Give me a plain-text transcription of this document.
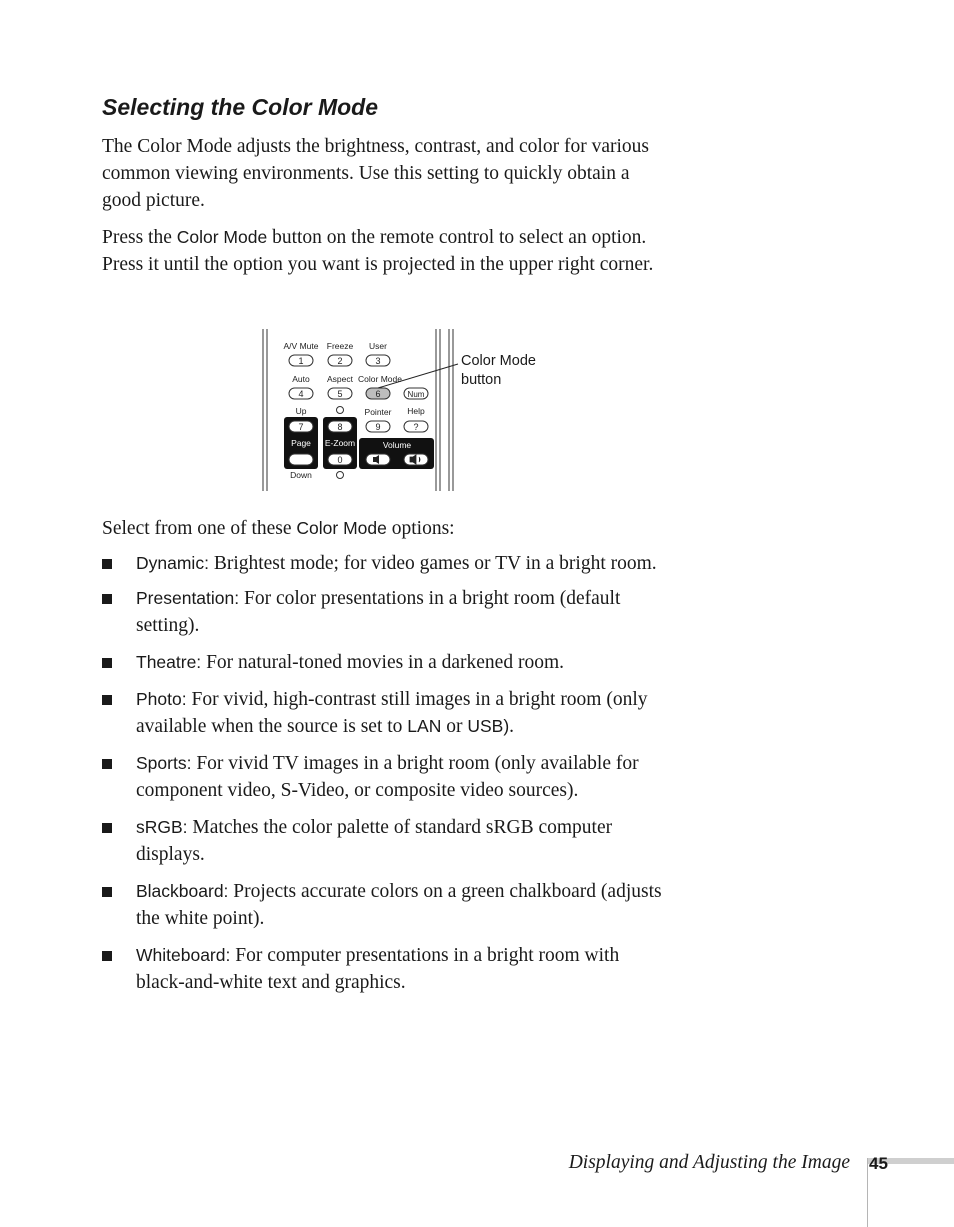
Selecting the Color Mode

The Color Mode adjusts the brightness, contrast, and color for various common viewing environments. Use this setting to quickly obtain a good picture.

Press the Color Mode button on the remote control to select an option. Press it until the option you want is projected in the upper right corner.

A/V Mute Freeze User
1	2	3
Auto Aspect Color Mode
4	5	6	Num
Up	Pointer Help
7	8	9	?
Page E-Zoom	Volume
0
Down
Color Mode
button

Select from one of these Color Mode options:

Dynamic: Brightest mode; for video games or TV in a bright room.
Presentation: For color presentations in a bright room (default setting).
Theatre: For natural-toned movies in a darkened room.
Photo: For vivid, high-contrast still images in a bright room (only available when the source is set to LAN or USB).
Sports: For vivid TV images in a bright room (only available for component video, S-Video, or composite video sources).
sRGB: Matches the color palette of standard sRGB computer displays.
Blackboard: Projects accurate colors on a green chalkboard (adjusts the white point).
Whiteboard: For computer presentations in a bright room with black-and-white text and graphics.
Displaying and Adjusting the Image 45
